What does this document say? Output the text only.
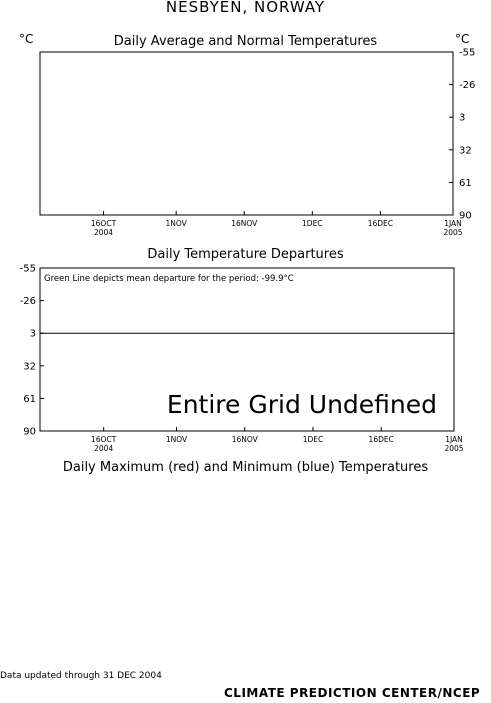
NESBYEN, NORWAY
°C	°C
Daily Average and Normal Temperatures
Daily Temperature Departures
Daily Maximum (red) and Minimum (blue) Temperatures
-55
-26
3
32
61
90
16OCT
2004
1NOV	16NOV	1DEC	16DEC	1JAN
2005
-55
-26
3
32
61
90
16OCT
2004
1NOV	16NOV	1DEC	16DEC	1JAN
2005
Green Line depicts mean departure for the period: -99.9°C
Entire Grid Undefined
Data updated through 31 DEC 2004
CLIMATE PREDICTION CENTER/NCEP
